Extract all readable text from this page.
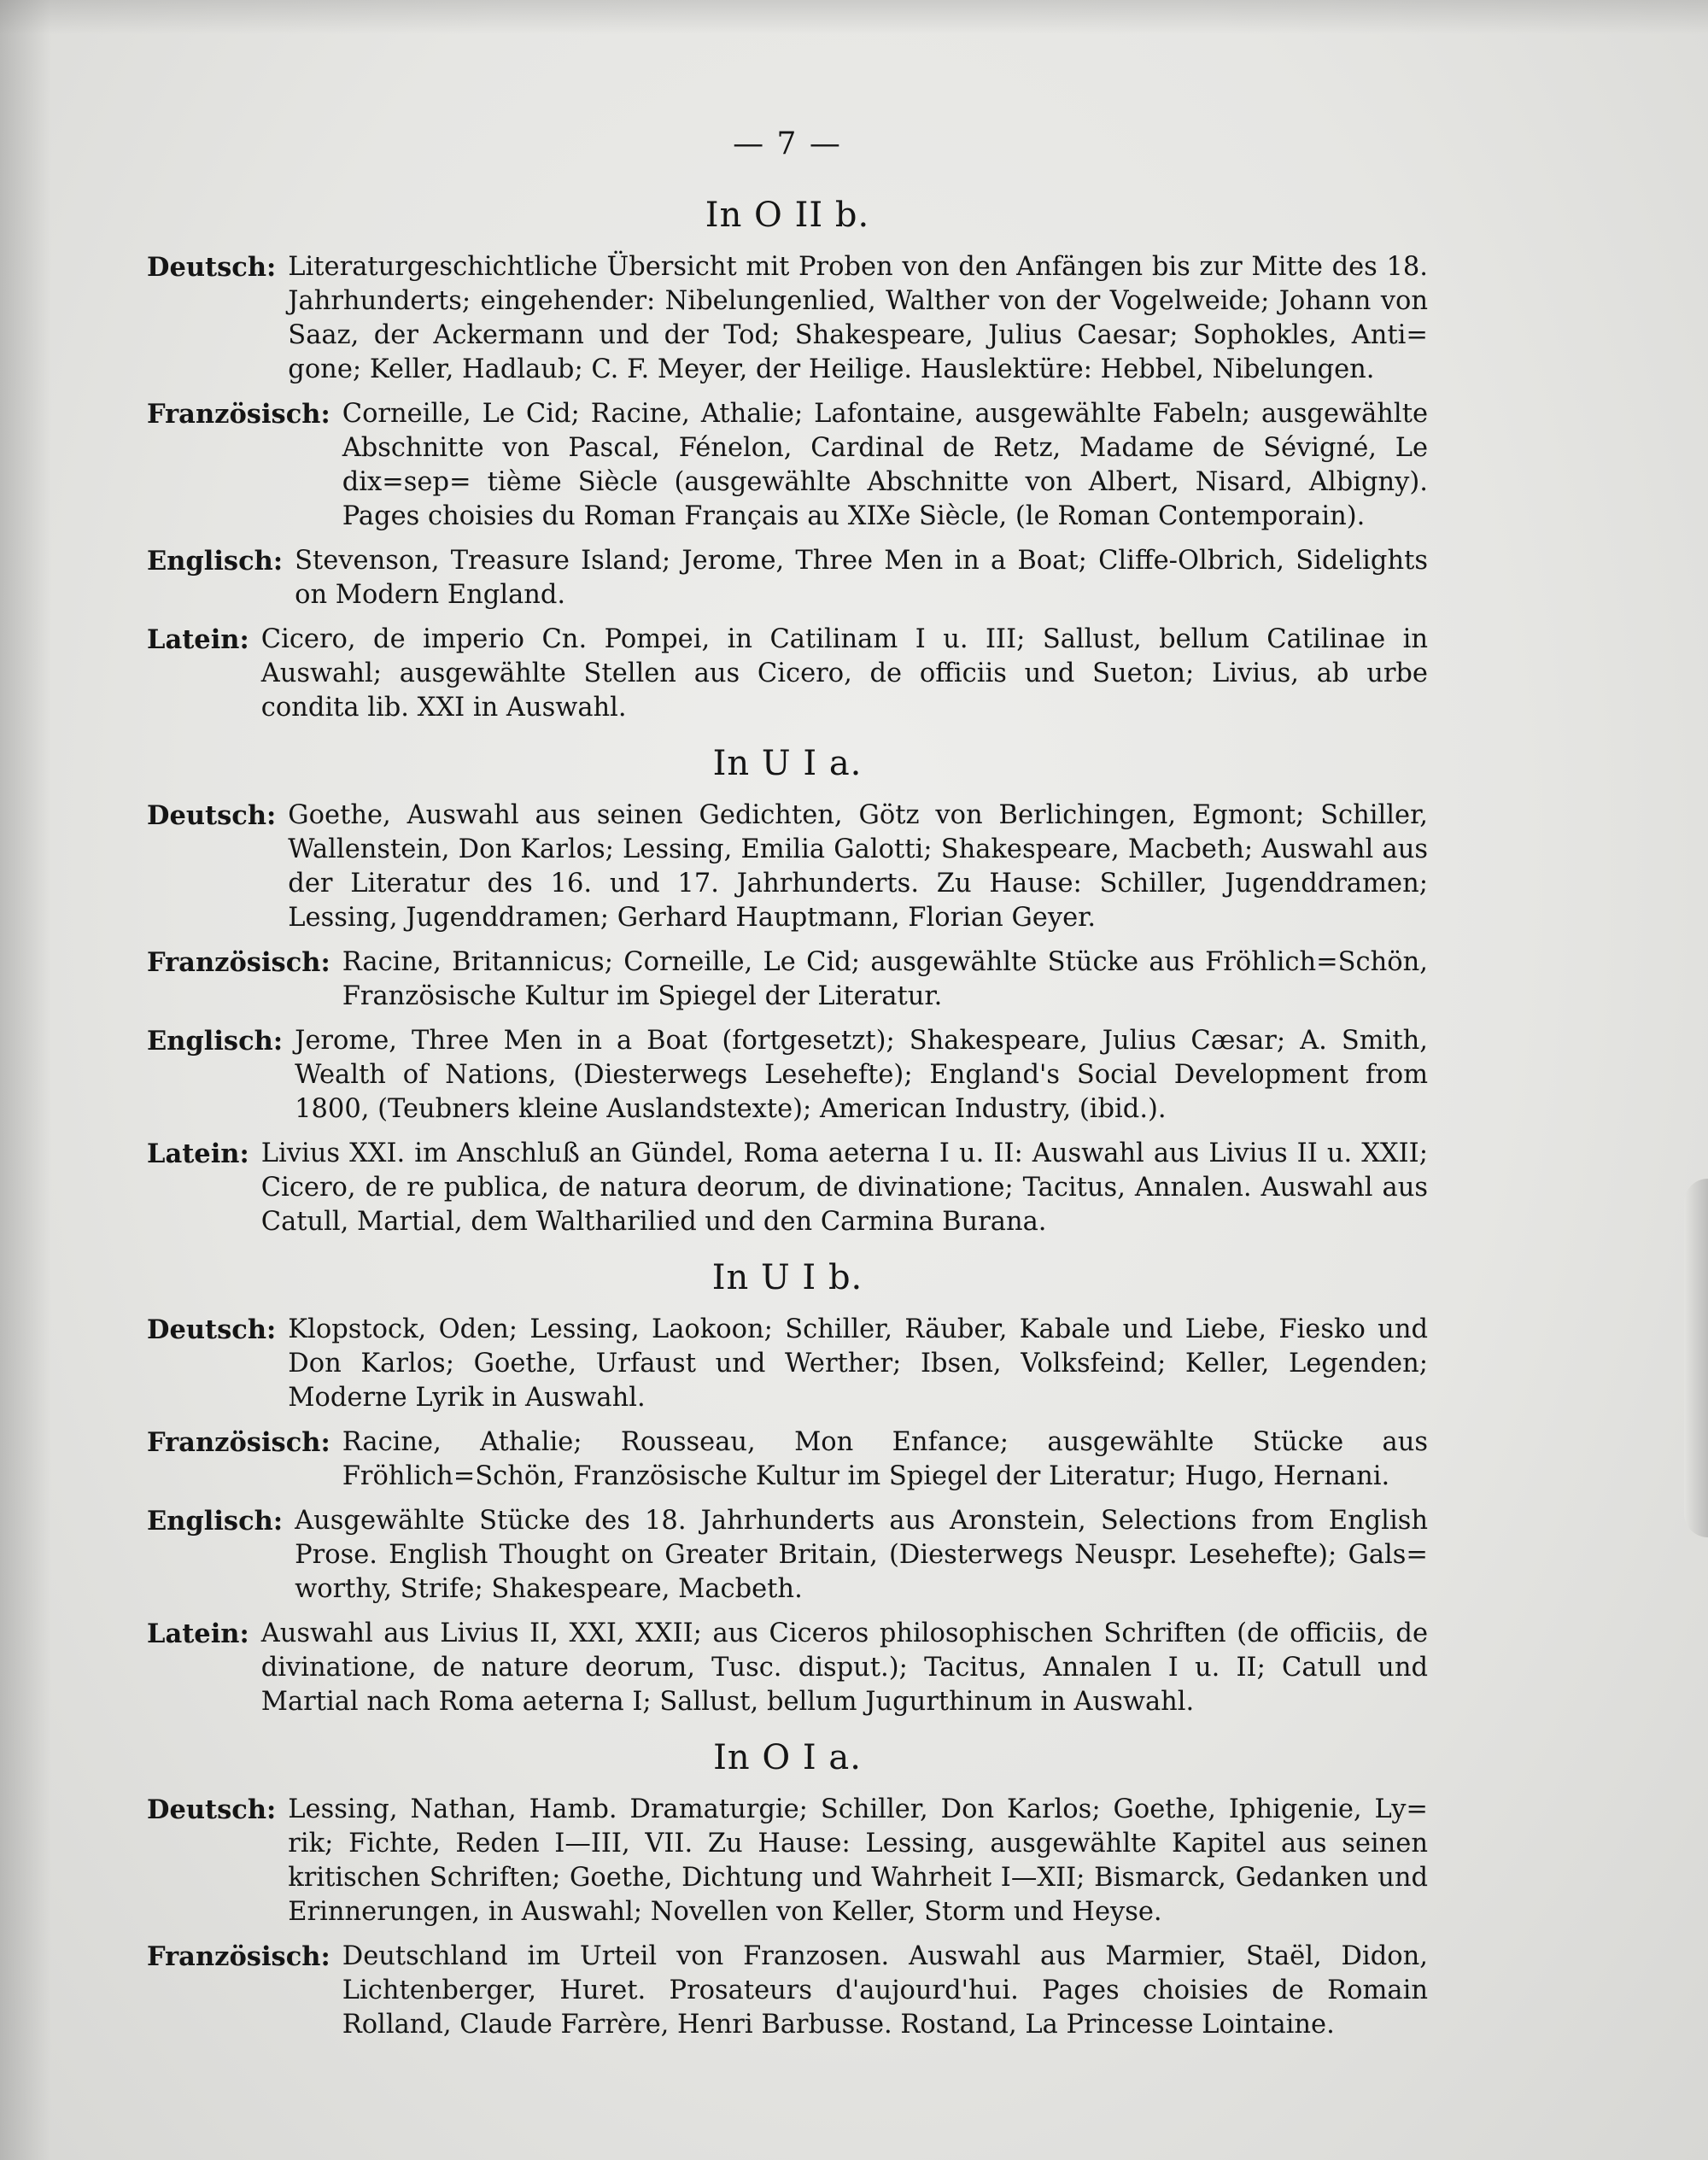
— 7 —
In O II b.
Deutsch: Literaturgeschichtliche Übersicht mit Proben von den Anfängen bis zur Mitte des 18. Jahrhunderts; eingehender: Nibelungenlied, Walther von der Vogelweide; Johann von Saaz, der Ackermann und der Tod; Shakespeare, Julius Caesar; Sophokles, Anti= gone; Keller, Hadlaub; C. F. Meyer, der Heilige. Hauslektüre: Hebbel, Nibelungen.
Französisch: Corneille, Le Cid; Racine, Athalie; Lafontaine, ausgewählte Fabeln; ausgewählte Abschnitte von Pascal, Fénelon, Cardinal de Retz, Madame de Sévigné, Le dix=sep= tième Siècle (ausgewählte Abschnitte von Albert, Nisard, Albigny). Pages choisies du Roman Français au XIXe Siècle, (le Roman Contemporain).
Englisch: Stevenson, Treasure Island; Jerome, Three Men in a Boat; Cliffe-Olbrich, Sidelights on Modern England.
Latein: Cicero, de imperio Cn. Pompei, in Catilinam I u. III; Sallust, bellum Catilinae in Auswahl; ausgewählte Stellen aus Cicero, de officiis und Sueton; Livius, ab urbe condita lib. XXI in Auswahl.
In U I a.
Deutsch: Goethe, Auswahl aus seinen Gedichten, Götz von Berlichingen, Egmont; Schiller, Wallenstein, Don Karlos; Lessing, Emilia Galotti; Shakespeare, Macbeth; Auswahl aus der Literatur des 16. und 17. Jahrhunderts. Zu Hause: Schiller, Jugenddramen; Lessing, Jugenddramen; Gerhard Hauptmann, Florian Geyer.
Französisch: Racine, Britannicus; Corneille, Le Cid; ausgewählte Stücke aus Fröhlich=Schön, Französische Kultur im Spiegel der Literatur.
Englisch: Jerome, Three Men in a Boat (fortgesetzt); Shakespeare, Julius Cæsar; A. Smith, Wealth of Nations, (Diesterwegs Lesehefte); England's Social Development from 1800, (Teubners kleine Auslandstexte); American Industry, (ibid.).
Latein: Livius XXI. im Anschluß an Gündel, Roma aeterna I u. II: Auswahl aus Livius II u. XXII; Cicero, de re publica, de natura deorum, de divinatione; Tacitus, Annalen. Auswahl aus Catull, Martial, dem Waltharilied und den Carmina Burana.
In U I b.
Deutsch: Klopstock, Oden; Lessing, Laokoon; Schiller, Räuber, Kabale und Liebe, Fiesko und Don Karlos; Goethe, Urfaust und Werther; Ibsen, Volksfeind; Keller, Legenden; Moderne Lyrik in Auswahl.
Französisch: Racine, Athalie; Rousseau, Mon Enfance; ausgewählte Stücke aus Fröhlich=Schön, Französische Kultur im Spiegel der Literatur; Hugo, Hernani.
Englisch: Ausgewählte Stücke des 18. Jahrhunderts aus Aronstein, Selections from English Prose. English Thought on Greater Britain, (Diesterwegs Neuspr. Lesehefte); Gals= worthy, Strife; Shakespeare, Macbeth.
Latein: Auswahl aus Livius II, XXI, XXII; aus Ciceros philosophischen Schriften (de officiis, de divinatione, de nature deorum, Tusc. disput.); Tacitus, Annalen I u. II; Catull und Martial nach Roma aeterna I; Sallust, bellum Jugurthinum in Auswahl.
In O I a.
Deutsch: Lessing, Nathan, Hamb. Dramaturgie; Schiller, Don Karlos; Goethe, Iphigenie, Ly= rik; Fichte, Reden I—III, VII. Zu Hause: Lessing, ausgewählte Kapitel aus seinen kritischen Schriften; Goethe, Dichtung und Wahrheit I—XII; Bismarck, Gedanken und Erinnerungen, in Auswahl; Novellen von Keller, Storm und Heyse.
Französisch: Deutschland im Urteil von Franzosen. Auswahl aus Marmier, Staël, Didon, Lichtenberger, Huret. Prosateurs d'aujourd'hui. Pages choisies de Romain Rolland, Claude Farrère, Henri Barbusse. Rostand, La Princesse Lointaine.
